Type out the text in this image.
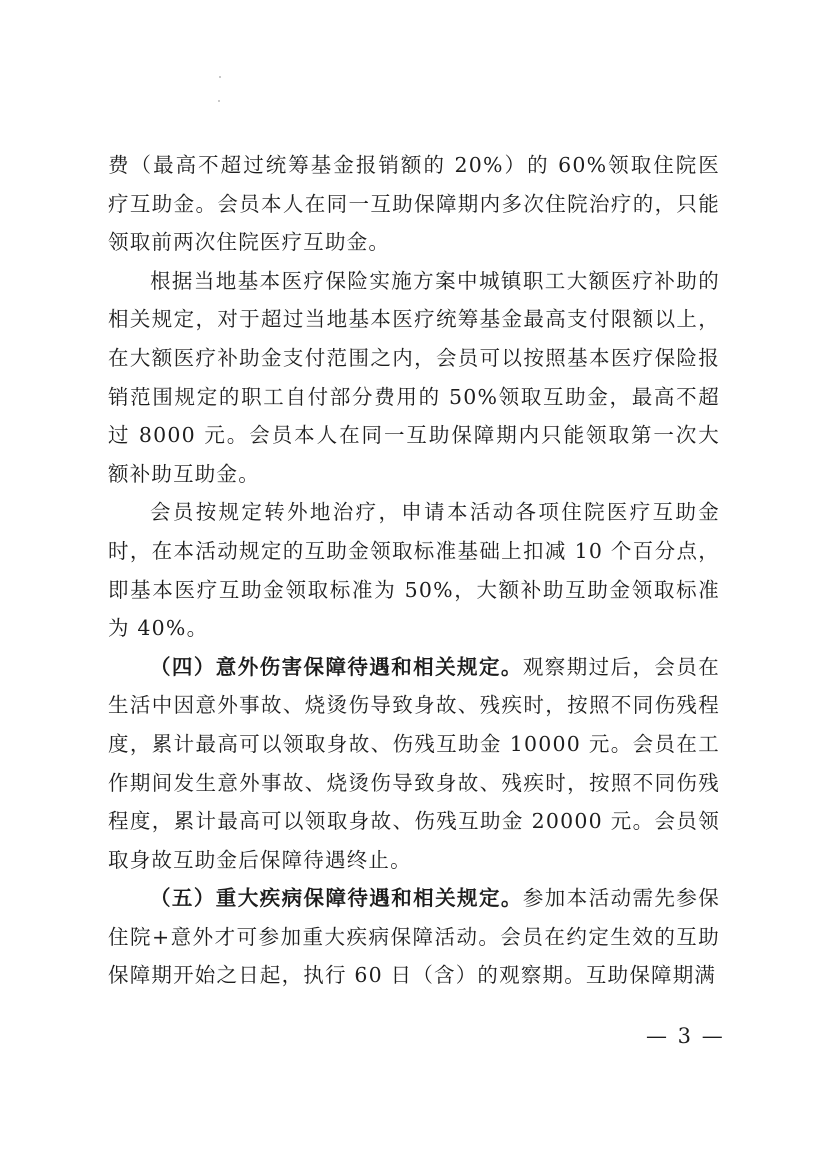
费（最高不超过统筹基金报销额的 20%）的 60%领取住院医疗互助金。会员本人在同一互助保障期内多次住院治疗的，只能领取前两次住院医疗互助金。

根据当地基本医疗保险实施方案中城镇职工大额医疗补助的相关规定，对于超过当地基本医疗统筹基金最高支付限额以上，在大额医疗补助金支付范围之内，会员可以按照基本医疗保险报销范围规定的职工自付部分费用的 50%领取互助金，最高不超过 8000 元。会员本人在同一互助保障期内只能领取第一次大额补助互助金。

会员按规定转外地治疗，申请本活动各项住院医疗互助金时，在本活动规定的互助金领取标准基础上扣减 10 个百分点，即基本医疗互助金领取标准为 50%，大额补助互助金领取标准为 40%。

（四）意外伤害保障待遇和相关规定。观察期过后，会员在生活中因意外事故、烧烫伤导致身故、残疾时，按照不同伤残程度，累计最高可以领取身故、伤残互助金 10000 元。会员在工作期间发生意外事故、烧烫伤导致身故、残疾时，按照不同伤残程度，累计最高可以领取身故、伤残互助金 20000 元。会员领取身故互助金后保障待遇终止。

（五）重大疾病保障待遇和相关规定。参加本活动需先参保住院+意外才可参加重大疾病保障活动。会员在约定生效的互助保障期开始之日起，执行 60 日（含）的观察期。互助保障期满

— 3 —
